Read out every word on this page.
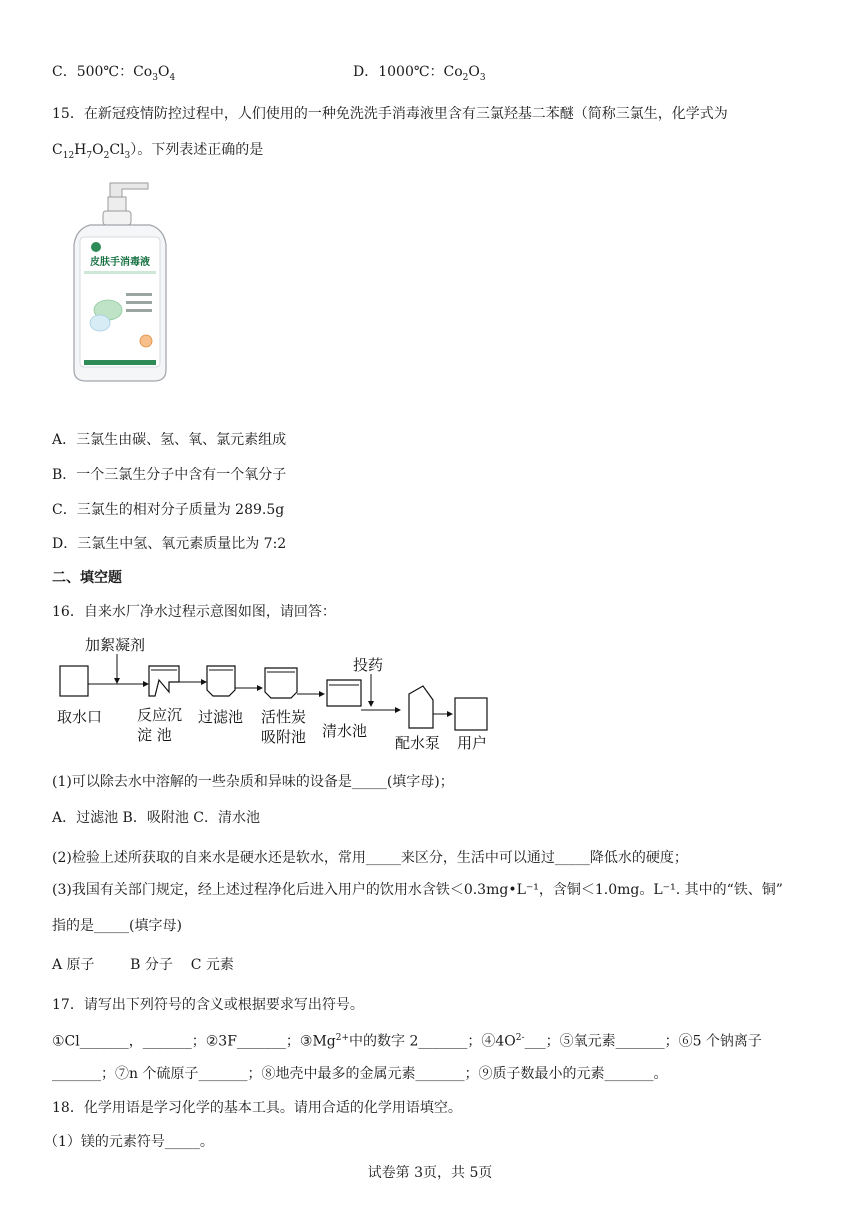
C．500℃：$Co_3O_4$	D．1000℃：$Co_2O_3$
15．在新冠疫情防控过程中，人们使用的一种免洗洗手消毒液里含有三氯羟基二苯醚（简称三氯生，化学式为
$C_{12}H_7O_2Cl_3$）。下列表述正确的是
皮肤手消毒液
A．三氯生由碳、氢、氧、氯元素组成
B．一个三氯生分子中含有一个氧分子
C．三氯生的相对分子质量为 289.5g
D．三氯生中氢、氧元素质量比为 7:2
二、填空题
16．自来水厂净水过程示意图如图，请回答：
加絮凝剂
投药
取水口 反应沉
淀 池
过滤池 活性炭
吸附池 清水池
配水泵 用户
(1)可以除去水中溶解的一些杂质和异味的设备是_____(填字母)；
A．过滤池 B．吸附池 C．清水池
(2)检验上述所获取的自来水是硬水还是软水，常用_____来区分，生活中可以通过_____降低水的硬度；
(3)我国有关部门规定，经上述过程净化后进入用户的饮用水含铁＜0.3mg•L⁻¹，含铜＜1.0mg。L⁻¹. 其中的“铁、铜”
指的是_____(填字母)
A 原子        B 分子    C 元素
17．请写出下列符号的含义或根据要求写出符号。
①Cl_______，_______；②3F_______；$③Mg^{2+}$中的数字 2_______；$④4O^{2-}\_\_\_$；⑤氧元素_______；⑥5 个钠离子
_______；⑦n 个硫原子_______；⑧地壳中最多的金属元素_______；⑨质子数最小的元素_______。
18．化学用语是学习化学的基本工具。请用合适的化学用语填空。
（1）镁的元素符号_____。
试卷第 3页，共 5页
